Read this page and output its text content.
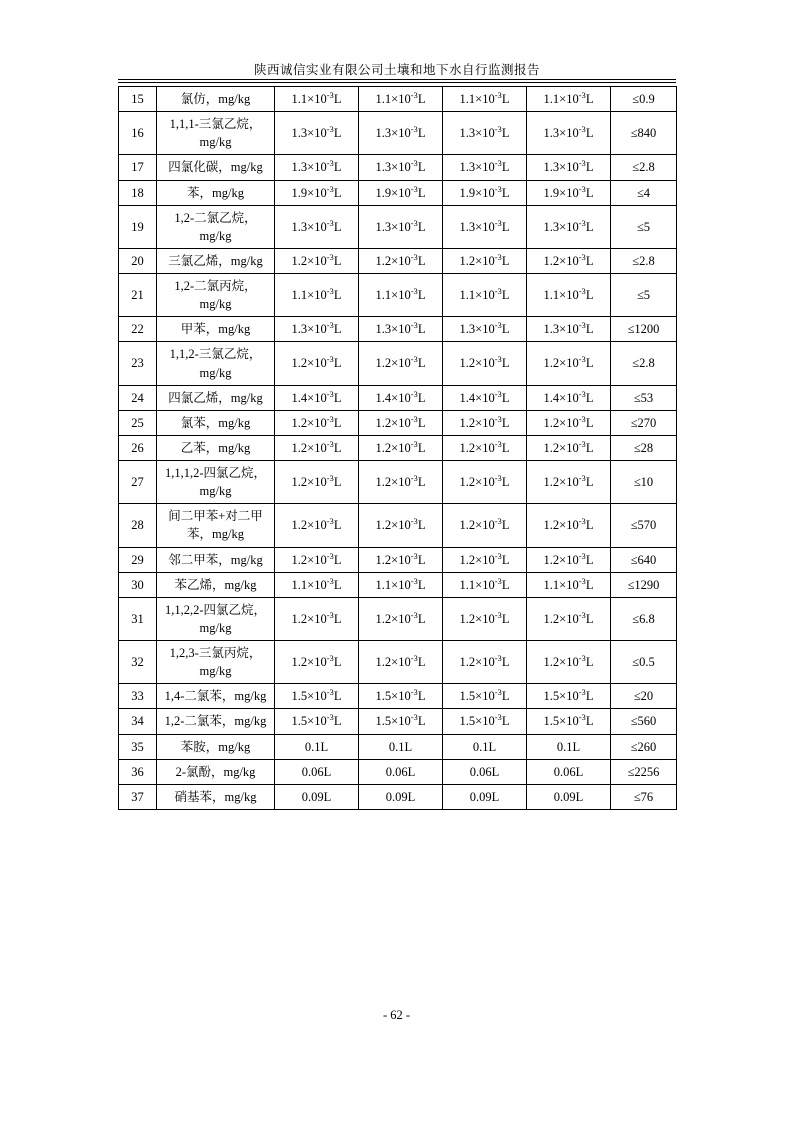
陕西诚信实业有限公司土壤和地下水自行监测报告
15	氯仿，mg/kg	$1.1\times 10^{-3}L$	$1.1\times 10^{-3}L$	$1.1\times 10^{-3}L$	$1.1\times 10^{-3}L$	≤0.9
16	1,1,1-三氯乙烷，mg/kg	$1.3\times 10^{-3}L$	$1.3\times 10^{-3}L$	$1.3\times 10^{-3}L$	$1.3\times 10^{-3}L$	≤840
17	四氯化碳，mg/kg	$1.3\times 10^{-3}L$	$1.3\times 10^{-3}L$	$1.3\times 10^{-3}L$	$1.3\times 10^{-3}L$	≤2.8
18	苯，mg/kg	$1.9\times 10^{-3}L$	$1.9\times 10^{-3}L$	$1.9\times 10^{-3}L$	$1.9\times 10^{-3}L$	≤4
19	1,2-二氯乙烷，mg/kg	$1.3\times 10^{-3}L$	$1.3\times 10^{-3}L$	$1.3\times 10^{-3}L$	$1.3\times 10^{-3}L$	≤5
20	三氯乙烯，mg/kg	$1.2\times 10^{-3}L$	$1.2\times 10^{-3}L$	$1.2\times 10^{-3}L$	$1.2\times 10^{-3}L$	≤2.8
21	1,2-二氯丙烷，mg/kg	$1.1\times 10^{-3}L$	$1.1\times 10^{-3}L$	$1.1\times 10^{-3}L$	$1.1\times 10^{-3}L$	≤5
22	甲苯，mg/kg	$1.3\times 10^{-3}L$	$1.3\times 10^{-3}L$	$1.3\times 10^{-3}L$	$1.3\times 10^{-3}L$	≤1200
23	1,1,2-三氯乙烷，mg/kg	$1.2\times 10^{-3}L$	$1.2\times 10^{-3}L$	$1.2\times 10^{-3}L$	$1.2\times 10^{-3}L$	≤2.8
24	四氯乙烯，mg/kg	$1.4\times 10^{-3}L$	$1.4\times 10^{-3}L$	$1.4\times 10^{-3}L$	$1.4\times 10^{-3}L$	≤53
25	氯苯，mg/kg	$1.2\times 10^{-3}L$	$1.2\times 10^{-3}L$	$1.2\times 10^{-3}L$	$1.2\times 10^{-3}L$	≤270
26	乙苯，mg/kg	$1.2\times 10^{-3}L$	$1.2\times 10^{-3}L$	$1.2\times 10^{-3}L$	$1.2\times 10^{-3}L$	≤28
27	1,1,1,2-四氯乙烷，mg/kg	$1.2\times 10^{-3}L$	$1.2\times 10^{-3}L$	$1.2\times 10^{-3}L$	$1.2\times 10^{-3}L$	≤10
28	间二甲苯+对二甲苯，mg/kg	$1.2\times 10^{-3}L$	$1.2\times 10^{-3}L$	$1.2\times 10^{-3}L$	$1.2\times 10^{-3}L$	≤570
29	邻二甲苯，mg/kg	$1.2\times 10^{-3}L$	$1.2\times 10^{-3}L$	$1.2\times 10^{-3}L$	$1.2\times 10^{-3}L$	≤640
30	苯乙烯，mg/kg	$1.1\times 10^{-3}L$	$1.1\times 10^{-3}L$	$1.1\times 10^{-3}L$	$1.1\times 10^{-3}L$	≤1290
31	1,1,2,2-四氯乙烷，mg/kg	$1.2\times 10^{-3}L$	$1.2\times 10^{-3}L$	$1.2\times 10^{-3}L$	$1.2\times 10^{-3}L$	≤6.8
32	1,2,3-三氯丙烷，mg/kg	$1.2\times 10^{-3}L$	$1.2\times 10^{-3}L$	$1.2\times 10^{-3}L$	$1.2\times 10^{-3}L$	≤0.5
33	1,4-二氯苯，mg/kg	$1.5\times 10^{-3}L$	$1.5\times 10^{-3}L$	$1.5\times 10^{-3}L$	$1.5\times 10^{-3}L$	≤20
34	1,2-二氯苯，mg/kg	$1.5\times 10^{-3}L$	$1.5\times 10^{-3}L$	$1.5\times 10^{-3}L$	$1.5\times 10^{-3}L$	≤560
35	苯胺，mg/kg	0.1L	0.1L	0.1L	0.1L	≤260
36	2-氯酚，mg/kg	0.06L	0.06L	0.06L	0.06L	≤2256
37	硝基苯，mg/kg	0.09L	0.09L	0.09L	0.09L	≤76
- 62 -
